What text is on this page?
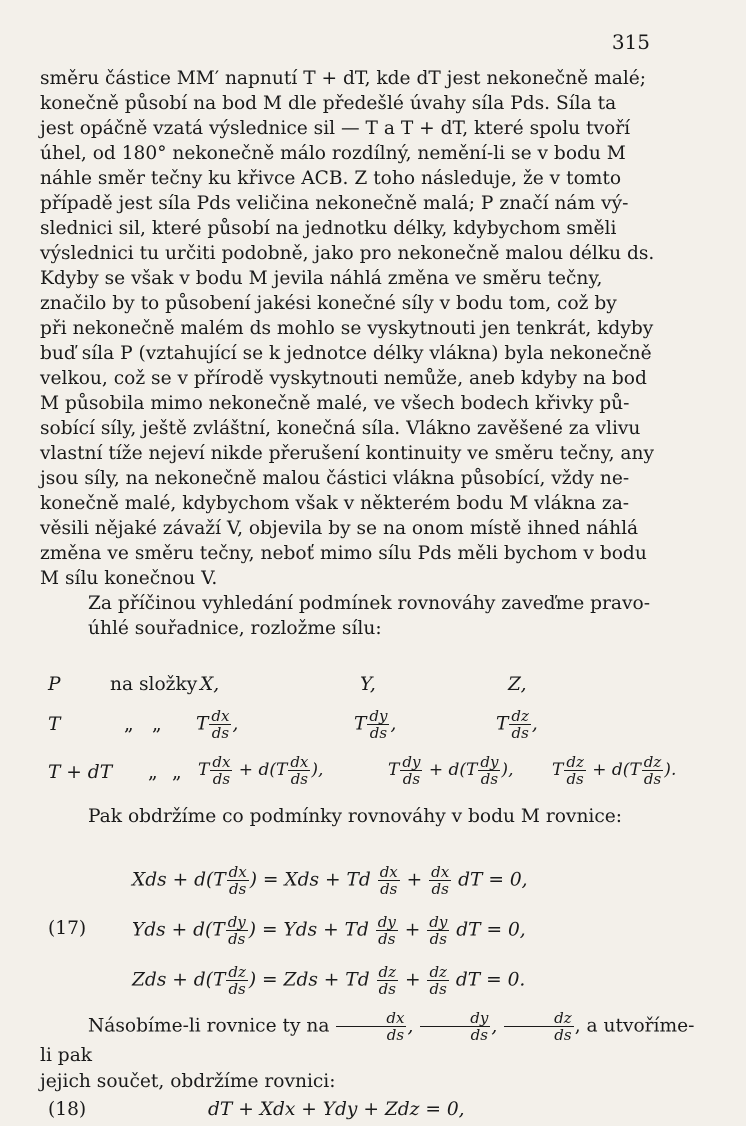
315
směru částice MM′ napnutí T + dT, kde dT jest nekonečně malé;
konečně působí na bod M dle předešlé úvahy síla Pds. Síla ta
jest opáčně vzatá výslednice sil — T a T + dT, které spolu tvoří
úhel, od 180° nekonečně málo rozdílný, nemění-li se v bodu M
náhle směr tečny ku křivce ACB. Z toho následuje, že v tomto
případě jest síla Pds veličina nekonečně malá; P značí nám vý-
slednici sil, které působí na jednotku délky, kdybychom směli
výslednici tu určiti podobně, jako pro nekonečně malou délku ds.
Kdyby se však v bodu M jevila náhlá změna ve směru tečny,
značilo by to působení jakési konečné síly v bodu tom, což by
při nekonečně malém ds mohlo se vyskytnouti jen tenkrát, kdyby
buď síla P (vztahující se k jednotce délky vlákna) byla nekonečně
velkou, což se v přírodě vyskytnouti nemůže, aneb kdyby na bod
M působila mimo nekonečně malé, ve všech bodech křivky pů-
sobící síly, ještě zvláštní, konečná síla. Vlákno zavěšené za vlivu
vlastní tíže nejeví nikde přerušení kontinuity ve směru tečny, any
jsou síly, na nekonečně malou částici vlákna působící, vždy ne-
konečně malé, kdybychom však v některém bodu M vlákna za-
věsili nějaké závaží V, objevila by se na onom místě ihned náhlá
změna ve směru tečny, neboť mimo sílu Pds měli bychom v bodu
M sílu konečnou V.
Za příčinou vyhledání podmínek rovnováhy zaveďme pravo-
úhlé souřadnice, rozložme sílu:
P	na složky X,	Y,	Z,
T	„ „ T $\frac{dx}{ds}$ ,	T $\frac{dy}{ds}$ ,	T $\frac{dz}{ds}$ ,
T + dT „ „ T $\frac{dx}{ds} + d(T \frac{dx}{ds}$ ),	T $\frac{dy}{ds} + d(T \frac{dy}{ds}$ ), T $\frac{dz}{ds} + d(T \frac{dz}{ds}$ ).
Pak obdržíme co podmínky rovnováhy v bodu M rovnice:
Xds + $d(T \frac{dx}{ds}$ ) = Xds + Td $\frac{dx}{ds} + \frac{dx}{ds}$ dT = 0,
(17) Yds + $d(T \frac{dy}{ds}$ ) = Yds + Td $\frac{dy}{ds} + \frac{dy}{ds}$ dT = 0,
Zds + $d(T \frac{dz}{ds}$ ) = Zds + Td $\frac{dz}{ds} + \frac{dz}{ds}$ dT = 0.
Násobíme-li rovnice ty na $\frac{dx}{ds}$ , $\frac{dy}{ds}$ , $\frac{dz}{ds}$ , a utvoříme-li pak
jejich součet, obdržíme rovnici:
(18)	dT + Xdx + Ydy + Zdz = 0,
